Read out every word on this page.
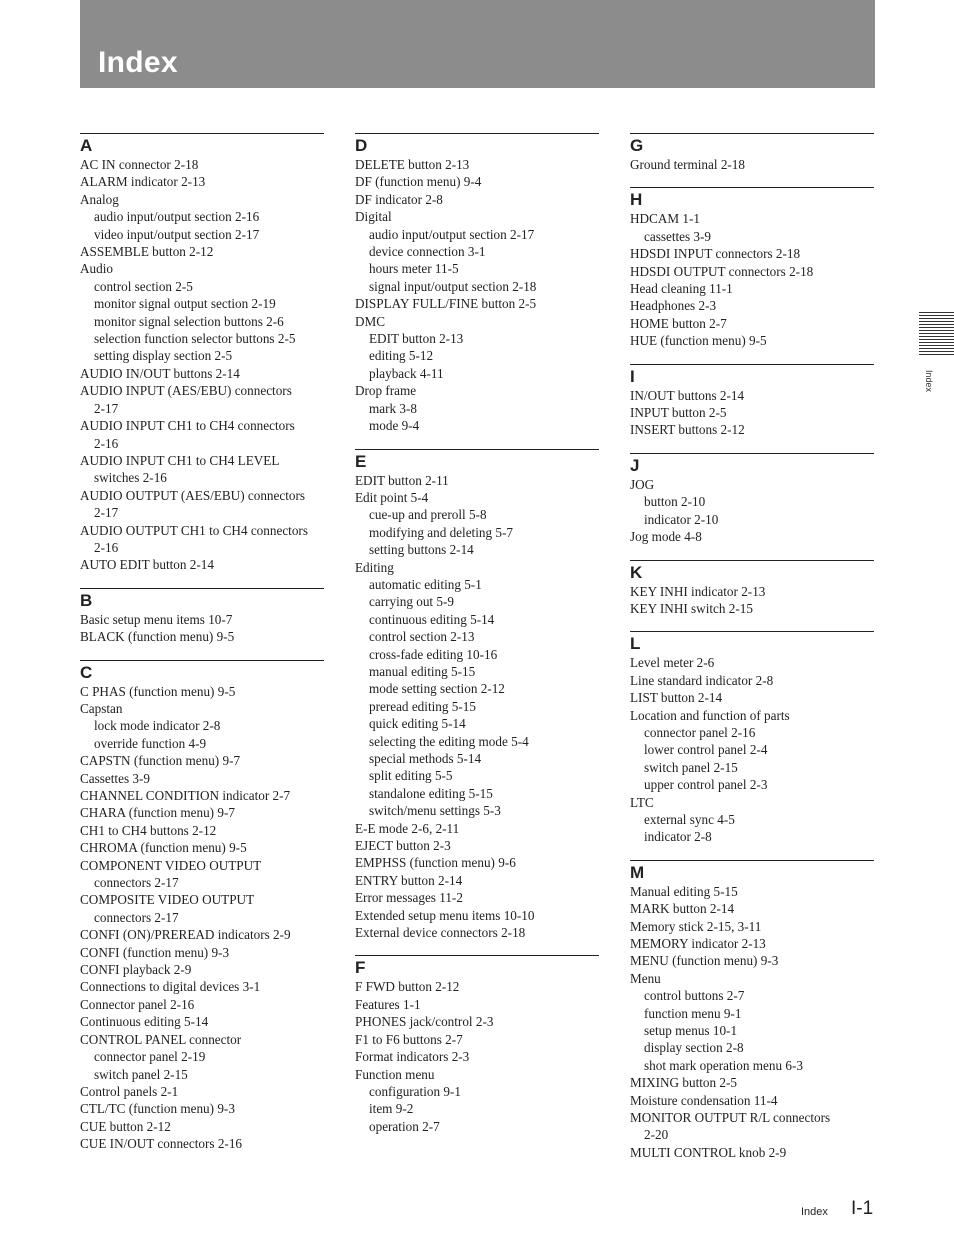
Index
A
AC IN connector 2-18
ALARM indicator 2-13
Analog
audio input/output section 2-16
video input/output section 2-17
ASSEMBLE button 2-12
Audio
control section 2-5
monitor signal output section 2-19
monitor signal selection buttons 2-6
selection function selector buttons 2-5
setting display section 2-5
AUDIO IN/OUT buttons 2-14
AUDIO INPUT (AES/EBU) connectors
2-17
AUDIO INPUT CH1 to CH4 connectors
2-16
AUDIO INPUT CH1 to CH4 LEVEL
switches 2-16
AUDIO OUTPUT (AES/EBU) connectors
2-17
AUDIO OUTPUT CH1 to CH4 connectors
2-16
AUTO EDIT button 2-14
B
Basic setup menu items 10-7
BLACK (function menu) 9-5
C
C PHAS (function menu) 9-5
Capstan
lock mode indicator 2-8
override function 4-9
CAPSTN (function menu) 9-7
Cassettes 3-9
CHANNEL CONDITION indicator 2-7
CHARA (function menu) 9-7
CH1 to CH4 buttons 2-12
CHROMA (function menu) 9-5
COMPONENT VIDEO OUTPUT
connectors 2-17
COMPOSITE VIDEO OUTPUT
connectors 2-17
CONFI (ON)/PREREAD indicators 2-9
CONFI (function menu) 9-3
CONFI playback 2-9
Connections to digital devices 3-1
Connector panel 2-16
Continuous editing 5-14
CONTROL PANEL connector
connector panel 2-19
switch panel 2-15
Control panels 2-1
CTL/TC (function menu) 9-3
CUE button 2-12
CUE IN/OUT connectors 2-16
D
DELETE button 2-13
DF (function menu) 9-4
DF indicator 2-8
Digital
audio input/output section 2-17
device connection 3-1
hours meter 11-5
signal input/output section 2-18
DISPLAY FULL/FINE button 2-5
DMC
EDIT button 2-13
editing 5-12
playback 4-11
Drop frame
mark 3-8
mode 9-4
E
EDIT button 2-11
Edit point 5-4
cue-up and preroll 5-8
modifying and deleting 5-7
setting buttons 2-14
Editing
automatic editing 5-1
carrying out 5-9
continuous editing 5-14
control section 2-13
cross-fade editing 10-16
manual editing 5-15
mode setting section 2-12
preread editing 5-15
quick editing 5-14
selecting the editing mode 5-4
special methods 5-14
split editing 5-5
standalone editing 5-15
switch/menu settings 5-3
E-E mode 2-6, 2-11
EJECT button 2-3
EMPHSS (function menu) 9-6
ENTRY button 2-14
Error messages 11-2
Extended setup menu items 10-10
External device connectors 2-18
F
F FWD button 2-12
Features 1-1
PHONES jack/control 2-3
F1 to F6 buttons 2-7
Format indicators 2-3
Function menu
configuration 9-1
item 9-2
operation 2-7
G
Ground terminal 2-18
H
HDCAM 1-1
cassettes 3-9
HDSDI INPUT connectors 2-18
HDSDI OUTPUT connectors 2-18
Head cleaning 11-1
Headphones 2-3
HOME button 2-7
HUE (function menu) 9-5
I
IN/OUT buttons 2-14
INPUT button 2-5
INSERT buttons 2-12
J
JOG
button 2-10
indicator 2-10
Jog mode 4-8
K
KEY INHI indicator 2-13
KEY INHI switch 2-15
L
Level meter 2-6
Line standard indicator 2-8
LIST button 2-14
Location and function of parts
connector panel 2-16
lower control panel 2-4
switch panel 2-15
upper control panel 2-3
LTC
external sync 4-5
indicator 2-8
M
Manual editing 5-15
MARK button 2-14
Memory stick 2-15, 3-11
MEMORY indicator 2-13
MENU (function menu) 9-3
Menu
control buttons 2-7
function menu 9-1
setup menus 10-1
display section 2-8
shot mark operation menu 6-3
MIXING button 2-5
Moisture condensation 11-4
MONITOR OUTPUT R/L connectors
2-20
MULTI CONTROL knob 2-9
Index
Index I-1
